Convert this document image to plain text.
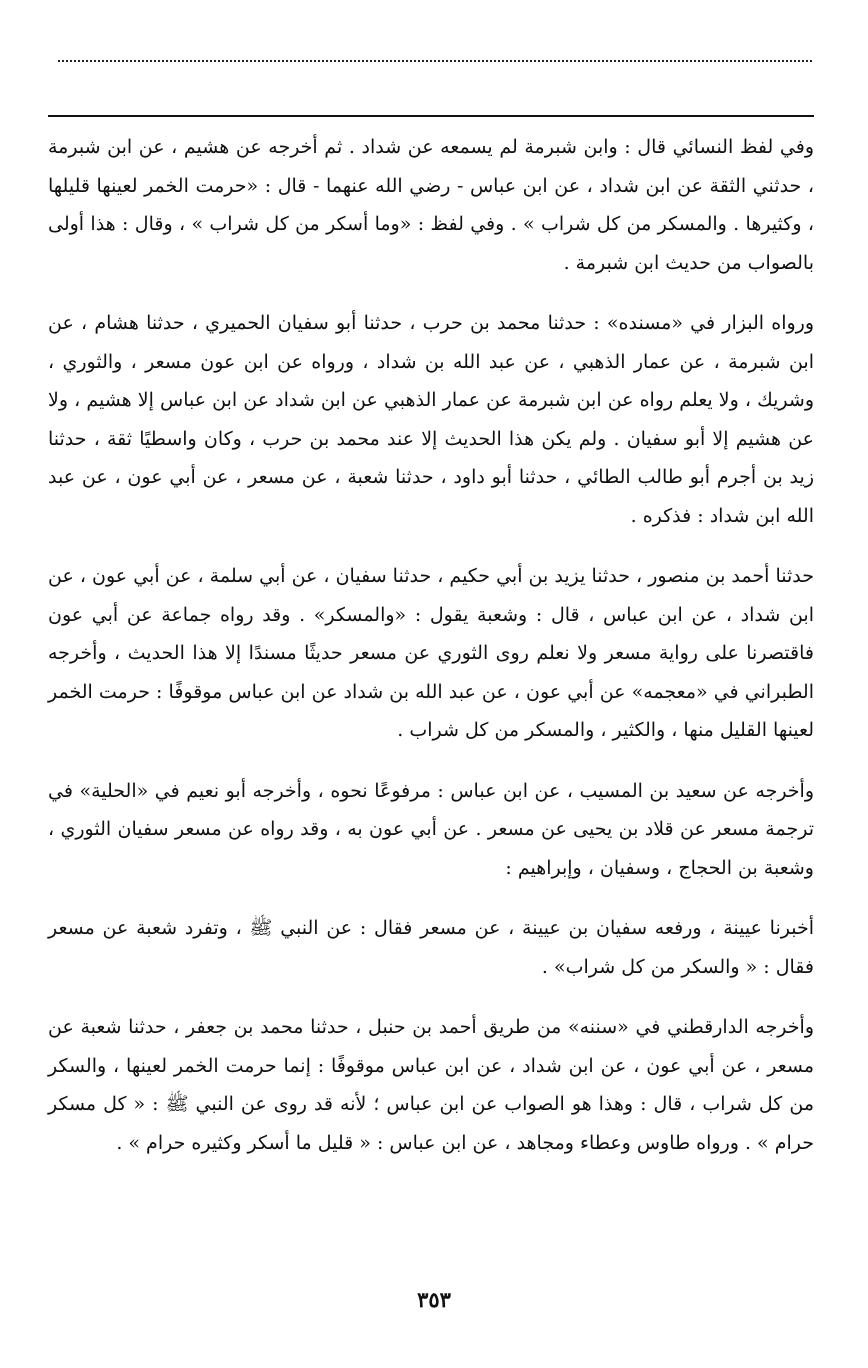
وفي لفظ النسائي قال : وابن شبرمة لم يسمعه عن شداد . ثم أخرجه عن هشيم ، عن ابن شبرمة ، حدثني الثقة عن ابن شداد ، عن ابن عباس - رضي الله عنهما - قال : «حرمت الخمر لعينها قليلها ، وكثيرها . والمسكر من كل شراب » . وفي لفظ : «وما أسكر من كل شراب » ، وقال : هذا أولى بالصواب من حديث ابن شبرمة .

ورواه البزار في «مسنده» : حدثنا محمد بن حرب ، حدثنا أبو سفيان الحميري ، حدثنا هشام ، عن ابن شبرمة ، عن عمار الذهبي ، عن عبد الله بن شداد ، ورواه عن ابن عون مسعر ، والثوري ، وشريك ، ولا يعلم رواه عن ابن شبرمة عن عمار الذهبي عن ابن شداد عن ابن عباس إلا هشيم ، ولا عن هشيم إلا أبو سفيان . ولم يكن هذا الحديث إلا عند محمد بن حرب ، وكان واسطيًا ثقة ، حدثنا زيد بن أجرم أبو طالب الطائي ، حدثنا أبو داود ، حدثنا شعبة ، عن مسعر ، عن أبي عون ، عن عبد الله ابن شداد : فذكره .

حدثنا أحمد بن منصور ، حدثنا يزيد بن أبي حكيم ، حدثنا سفيان ، عن أبي سلمة ، عن أبي عون ، عن ابن شداد ، عن ابن عباس ، قال : وشعبة يقول : «والمسكر» . وقد رواه جماعة عن أبي عون فاقتصرنا على رواية مسعر ولا نعلم روى الثوري عن مسعر حديثًا مسندًا إلا هذا الحديث ، وأخرجه الطبراني في «معجمه» عن أبي عون ، عن عبد الله بن شداد عن ابن عباس موقوفًا : حرمت الخمر لعينها القليل منها ، والكثير ، والمسكر من كل شراب .

وأخرجه عن سعيد بن المسيب ، عن ابن عباس : مرفوعًا نحوه ، وأخرجه أبو نعيم في «الحلية» في ترجمة مسعر عن قلاد بن يحيى عن مسعر . عن أبي عون به ، وقد رواه عن مسعر سفيان الثوري ، وشعبة بن الحجاج ، وسفيان ، وإبراهيم :

أخبرنا عيينة ، ورفعه سفيان بن عيينة ، عن مسعر فقال : عن النبي ﷺ ، وتفرد شعبة عن مسعر فقال : « والسكر من كل شراب» .

وأخرجه الدارقطني في «سننه» من طريق أحمد بن حنبل ، حدثنا محمد بن جعفر ، حدثنا شعبة عن مسعر ، عن أبي عون ، عن ابن شداد ، عن ابن عباس موقوفًا : إنما حرمت الخمر لعينها ، والسكر من كل شراب ، قال : وهذا هو الصواب عن ابن عباس ؛ لأنه قد روى عن النبي ﷺ : « كل مسكر حرام » . ورواه طاوس وعطاء ومجاهد ، عن ابن عباس : « قليل ما أسكر وكثيره حرام » .

٣٥٣
